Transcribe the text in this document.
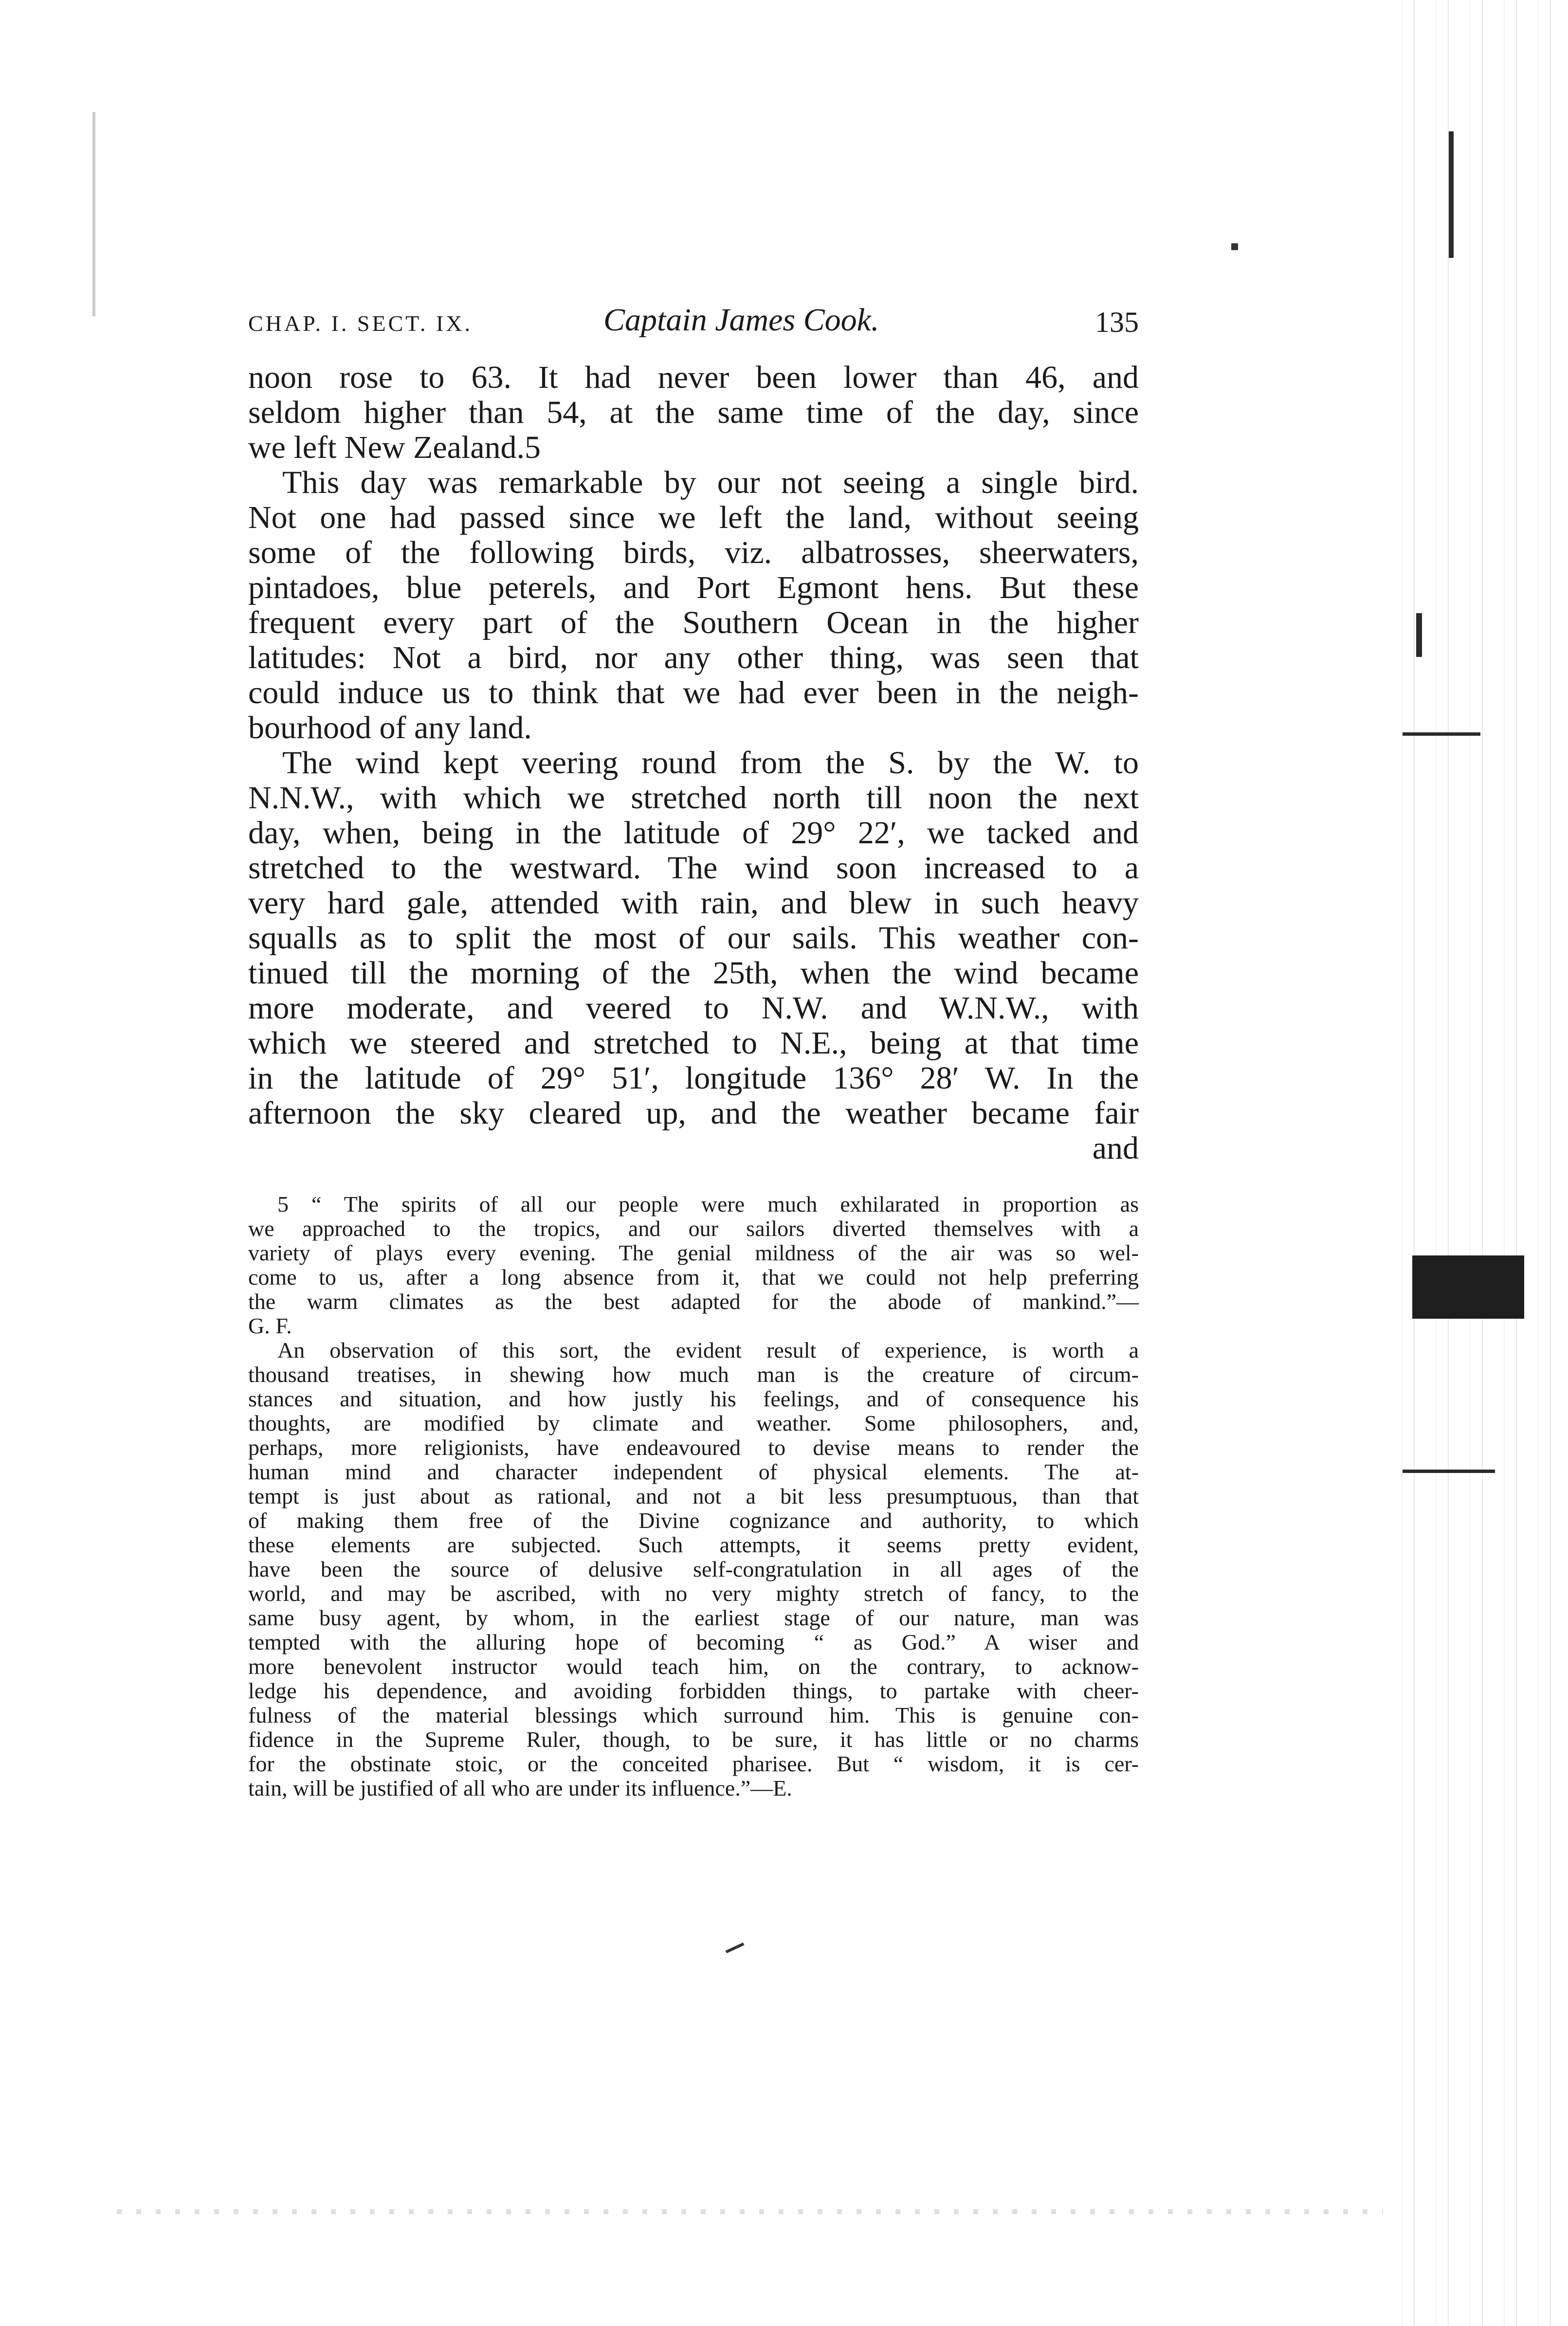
CHAP. I. SECT. IX.	Captain James Cook.	135

noon rose to 63. It had never been lower than 46, and
seldom higher than 54, at the same time of the day, since
we left New Zealand.5

This day was remarkable by our not seeing a single bird.
Not one had passed since we left the land, without seeing
some of the following birds, viz. albatrosses, sheerwaters,
pintadoes, blue peterels, and Port Egmont hens. But these
frequent every part of the Southern Ocean in the higher
latitudes: Not a bird, nor any other thing, was seen that
could induce us to think that we had ever been in the neigh-
bourhood of any land.

The wind kept veering round from the S. by the W. to
N.N.W., with which we stretched north till noon the next
day, when, being in the latitude of 29° 22′, we tacked and
stretched to the westward. The wind soon increased to a
very hard gale, attended with rain, and blew in such heavy
squalls as to split the most of our sails. This weather con-
tinued till the morning of the 25th, when the wind became
more moderate, and veered to N.W. and W.N.W., with
which we steered and stretched to N.E., being at that time
in the latitude of 29° 51′, longitude 136° 28′ W. In the
afternoon the sky cleared up, and the weather became fair
and

5 “ The spirits of all our people were much exhilarated in proportion as
we approached to the tropics, and our sailors diverted themselves with a
variety of plays every evening. The genial mildness of the air was so wel-
come to us, after a long absence from it, that we could not help preferring
the warm climates as the best adapted for the abode of mankind.”—
G. F.
An observation of this sort, the evident result of experience, is worth a
thousand treatises, in shewing how much man is the creature of circum-
stances and situation, and how justly his feelings, and of consequence his
thoughts, are modified by climate and weather. Some philosophers, and,
perhaps, more religionists, have endeavoured to devise means to render the
human mind and character independent of physical elements. The at-
tempt is just about as rational, and not a bit less presumptuous, than that
of making them free of the Divine cognizance and authority, to which
these elements are subjected. Such attempts, it seems pretty evident,
have been the source of delusive self-congratulation in all ages of the
world, and may be ascribed, with no very mighty stretch of fancy, to the
same busy agent, by whom, in the earliest stage of our nature, man was
tempted with the alluring hope of becoming “ as God.” A wiser and
more benevolent instructor would teach him, on the contrary, to acknow-
ledge his dependence, and avoiding forbidden things, to partake with cheer-
fulness of the material blessings which surround him. This is genuine con-
fidence in the Supreme Ruler, though, to be sure, it has little or no charms
for the obstinate stoic, or the conceited pharisee. But “ wisdom, it is cer-
tain, will be justified of all who are under its influence.”—E.
